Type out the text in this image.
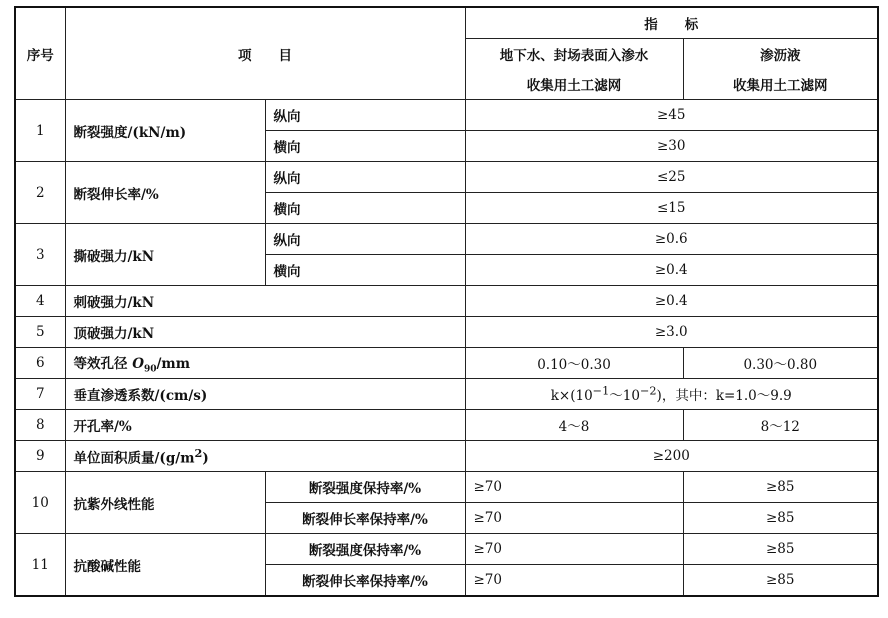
序号	项　　目		指　　标	
			地下水、封场表面入渗水	渗沥液
			收集用土工滤网	收集用土工滤网
1	断裂强度/(kN/m)	纵向	≥45	
		横向	≥30	
2	断裂伸长率/%	纵向	≤25	
		横向	≤15	
3	撕破强力/kN	纵向	≥0.6	
		横向	≥0.4	
4	刺破强力/kN		≥0.4	
5	顶破强力/kN		≥3.0	
6	等效孔径 $O_{90}/mm$		0.10～0.30	0.30～0.80
7	垂直渗透系数/(cm/s)		$k\times(10^{-1}\sim 10^{-2})$，其中：k=1.0～9.9	
8	开孔率/%		4～8	8～12
9	单位面积质量$/(g/m^2)$		≥200	
10	抗紫外线性能	断裂强度保持率/%	≥70	≥85
		断裂伸长率保持率/%	≥70	≥85
11	抗酸碱性能	断裂强度保持率/%	≥70	≥85
		断裂伸长率保持率/%	≥70	≥85
